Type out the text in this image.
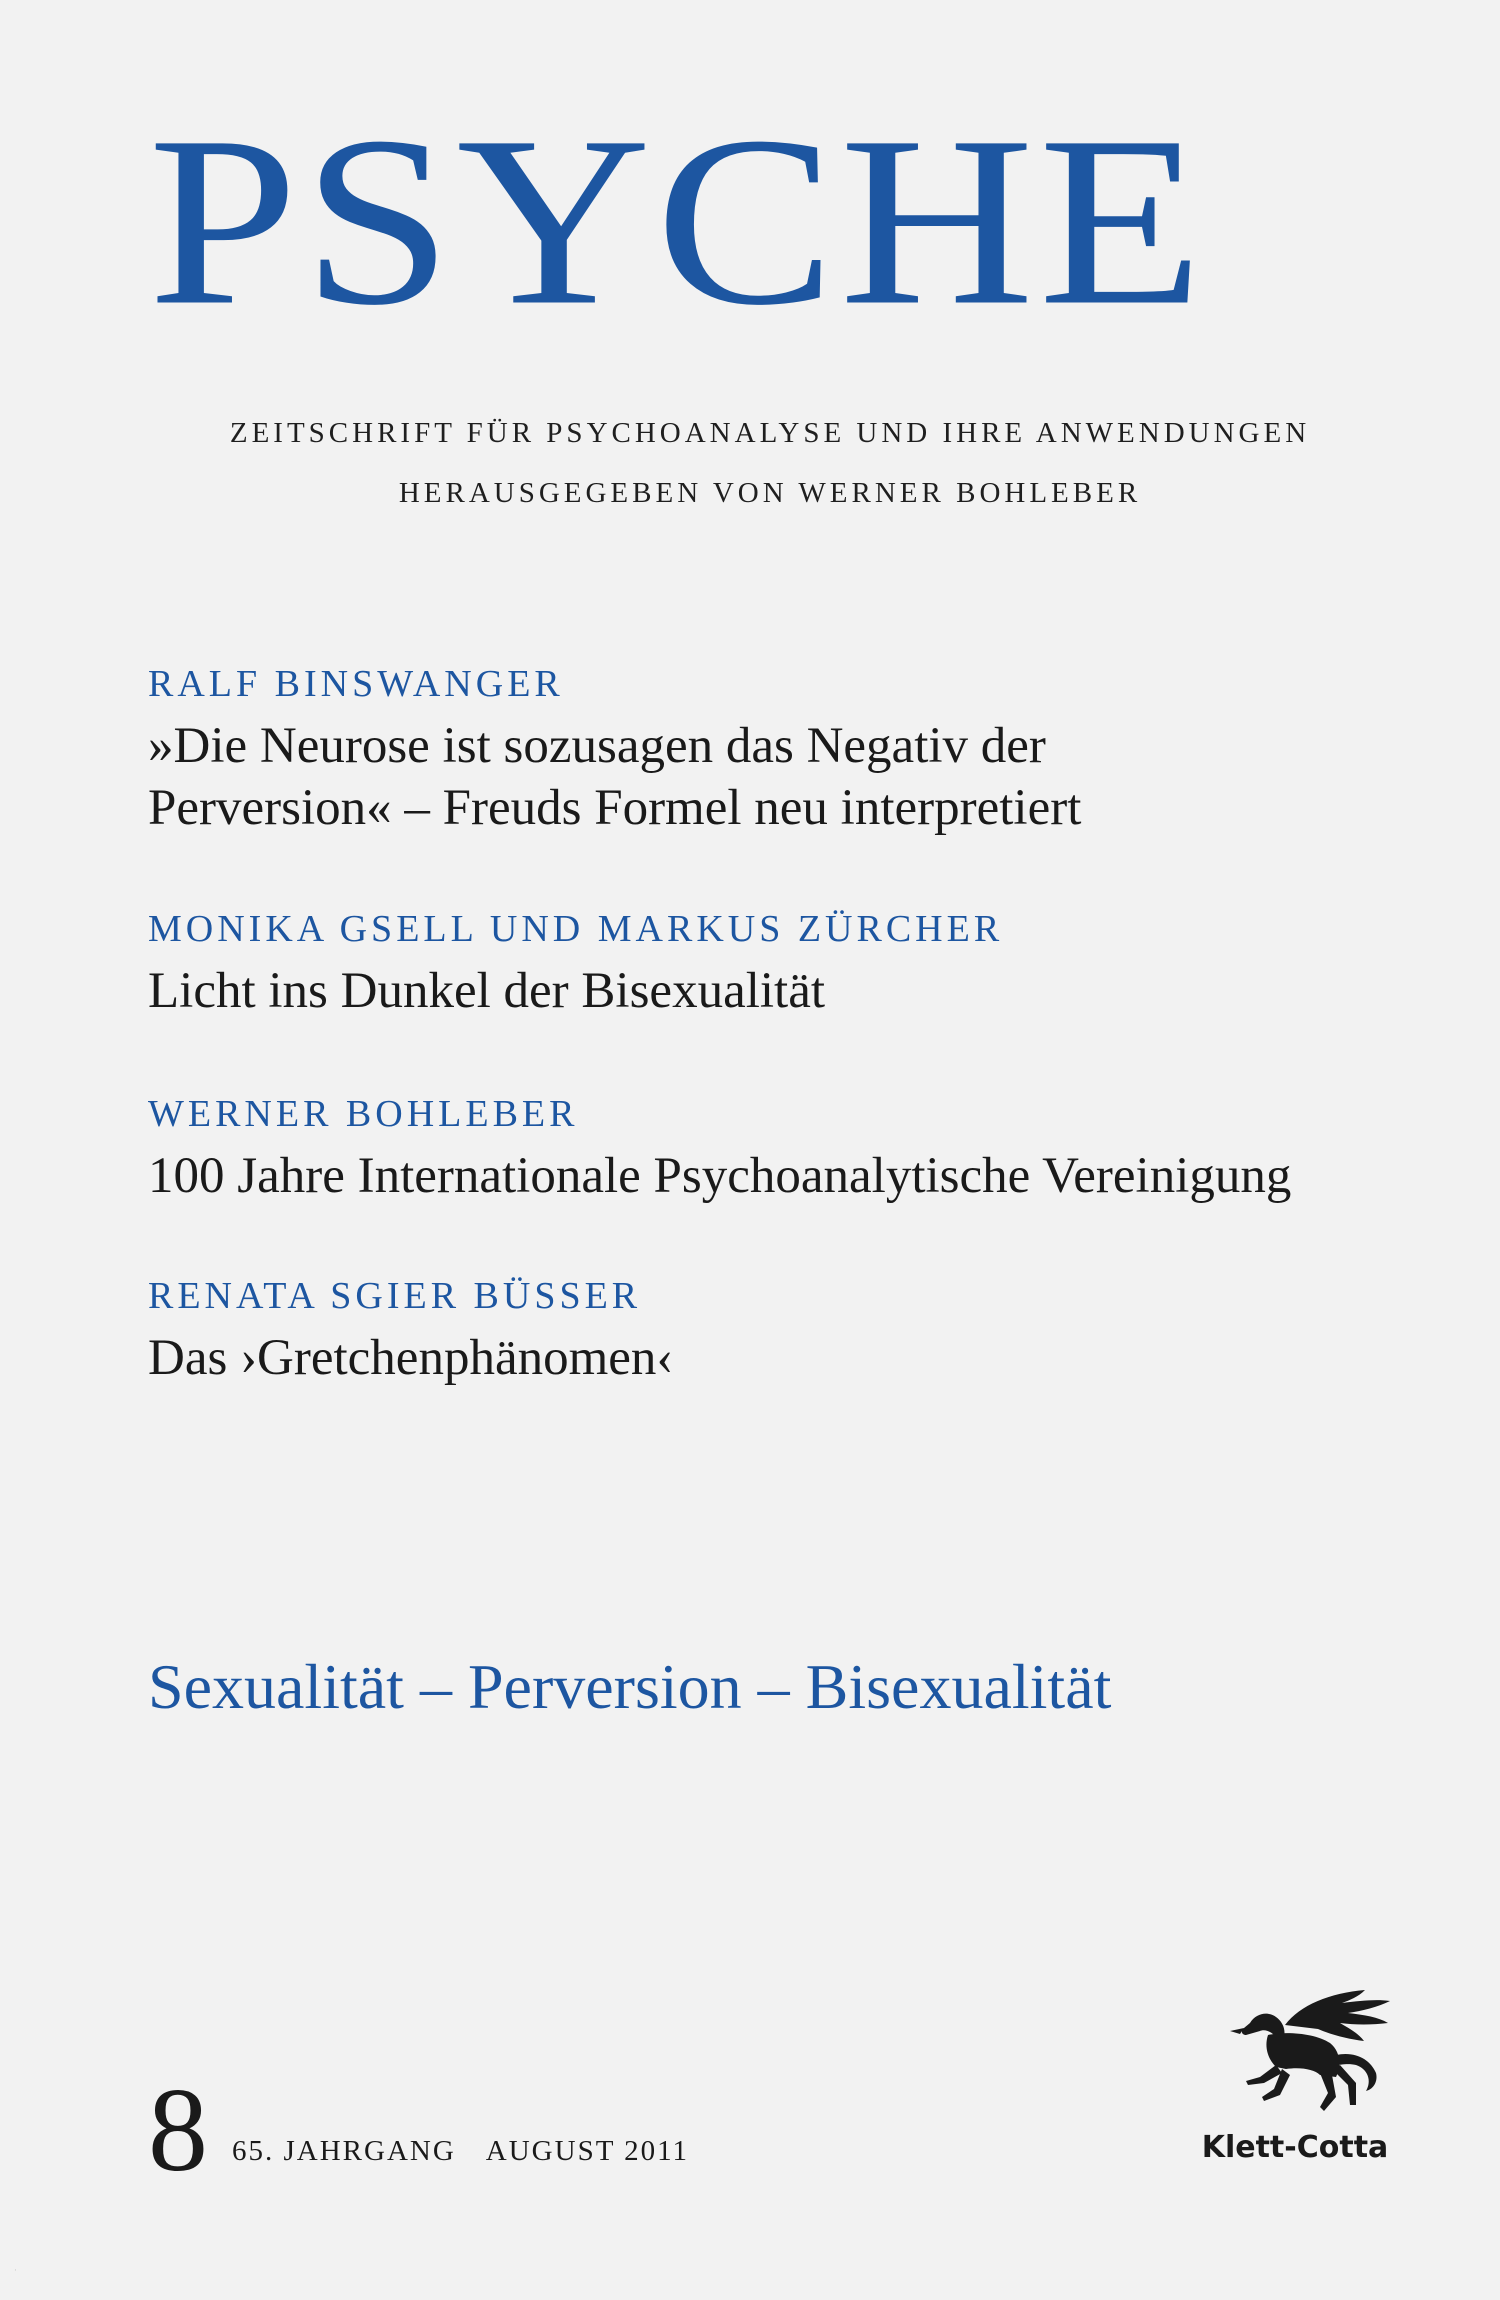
PSYCHE
ZEITSCHRIFT FÜR PSYCHOANALYSE UND IHRE ANWENDUNGEN
HERAUSGEGEBEN VON WERNER BOHLEBER
RALF BINSWANGER
»Die Neurose ist sozusagen das Negativ der
Perversion« – Freuds Formel neu interpretiert
MONIKA GSELL UND MARKUS ZÜRCHER
Licht ins Dunkel der Bisexualität
WERNER BOHLEBER
100 Jahre Internationale Psychoanalytische Vereinigung
RENATA SGIER BÜSSER
Das ›Gretchenphänomen‹
Sexualität – Perversion – Bisexualität
8 65. JAHRGANG AUGUST 2011	Klett-Cotta
·
